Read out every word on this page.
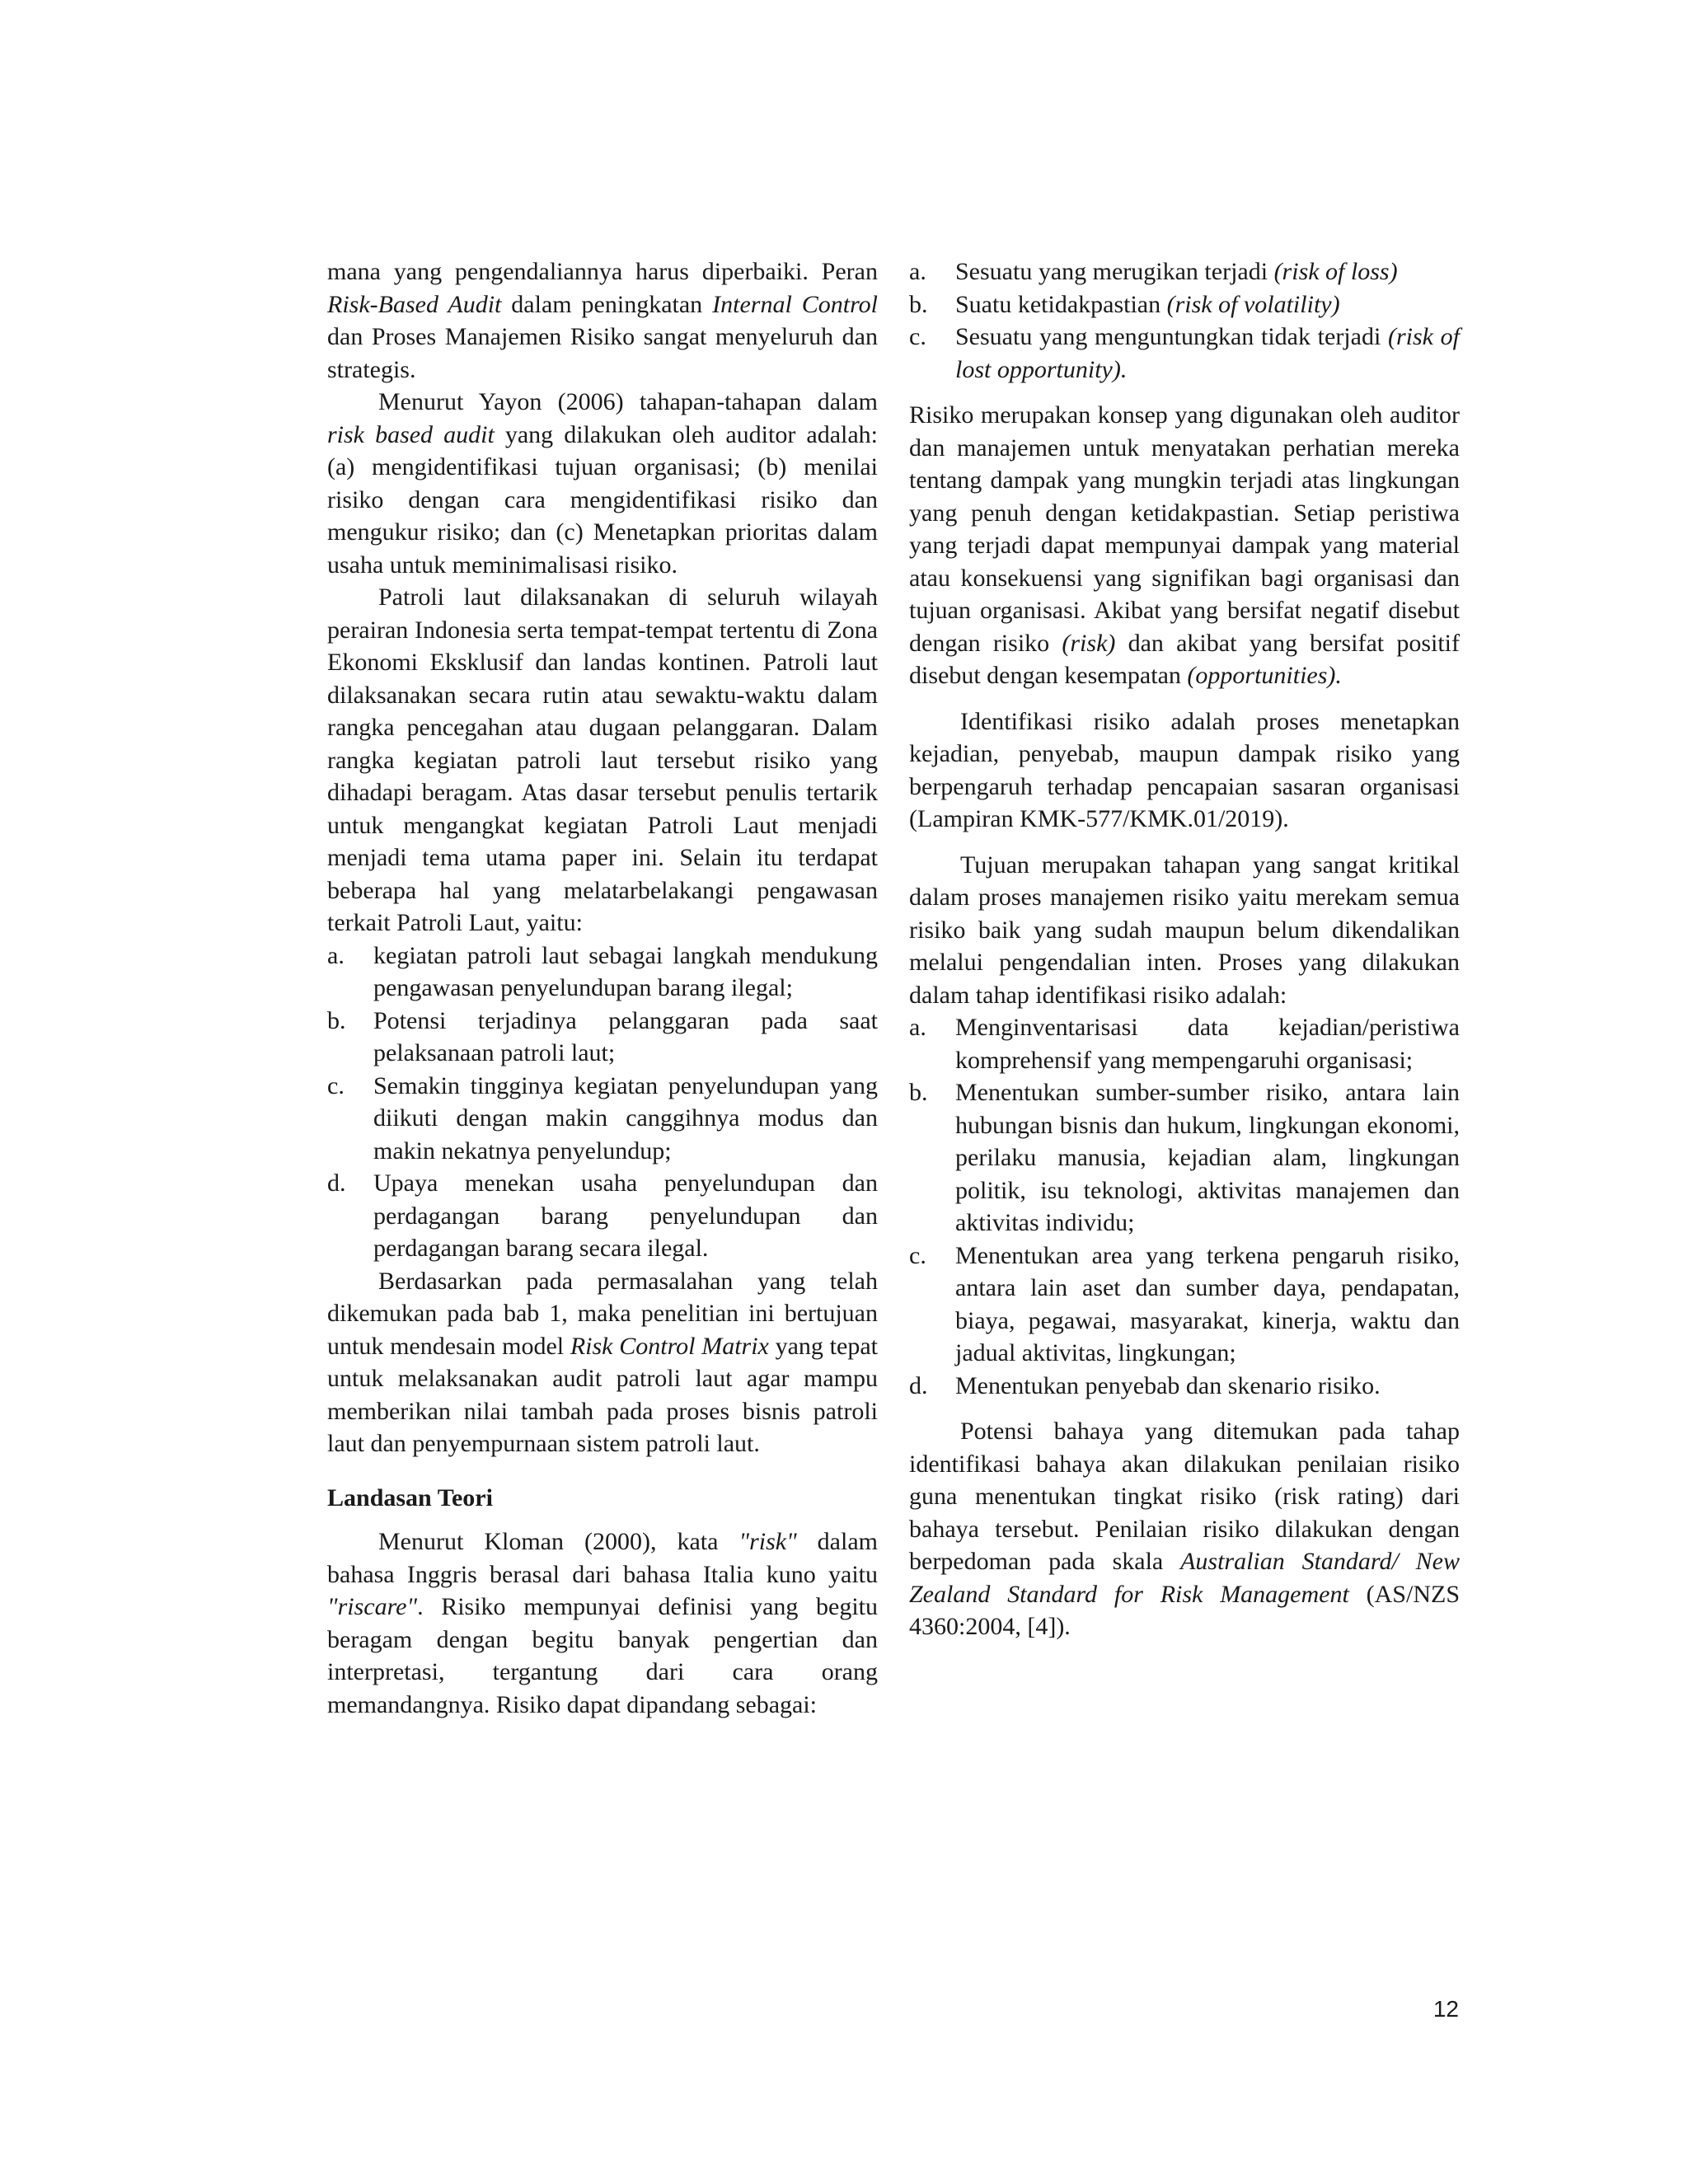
mana yang pengendaliannya harus diperbaiki. Peran Risk-Based Audit dalam peningkatan Internal Control dan Proses Manajemen Risiko sangat menyeluruh dan strategis.

Menurut Yayon (2006) tahapan-tahapan dalam risk based audit yang dilakukan oleh auditor adalah: (a) mengidentifikasi tujuan organisasi; (b) menilai risiko dengan cara mengidentifikasi risiko dan mengukur risiko; dan (c) Menetapkan prioritas dalam usaha untuk meminimalisasi risiko.

Patroli laut dilaksanakan di seluruh wilayah perairan Indonesia serta tempat-tempat tertentu di Zona Ekonomi Eksklusif dan landas kontinen. Patroli laut dilaksanakan secara rutin atau sewaktu-waktu dalam rangka pencegahan atau dugaan pelanggaran. Dalam rangka kegiatan patroli laut tersebut risiko yang dihadapi beragam. Atas dasar tersebut penulis tertarik untuk mengangkat kegiatan Patroli Laut menjadi menjadi tema utama paper ini. Selain itu terdapat beberapa hal yang melatarbelakangi pengawasan terkait Patroli Laut, yaitu:

a.	kegiatan patroli laut sebagai langkah mendukung pengawasan penyelundupan barang ilegal;
b.	Potensi terjadinya pelanggaran pada saat pelaksanaan patroli laut;
c.	Semakin tingginya kegiatan penyelundupan yang diikuti dengan makin canggihnya modus dan makin nekatnya penyelundup;
d.	Upaya menekan usaha penyelundupan dan perdagangan barang penyelundupan dan perdagangan barang secara ilegal.

Berdasarkan pada permasalahan yang telah dikemukan pada bab 1, maka penelitian ini bertujuan untuk mendesain model Risk Control Matrix yang tepat untuk melaksanakan audit patroli laut agar mampu memberikan nilai tambah pada proses bisnis patroli laut dan penyempurnaan sistem patroli laut.

Landasan Teori

Menurut Kloman (2000), kata "risk" dalam bahasa Inggris berasal dari bahasa Italia kuno yaitu "riscare". Risiko mempunyai definisi yang begitu beragam dengan begitu banyak pengertian dan interpretasi, tergantung dari cara orang memandangnya. Risiko dapat dipandang sebagai:

a.	Sesuatu yang merugikan terjadi (risk of loss)
b.	Suatu ketidakpastian (risk of volatility)
c.	Sesuatu yang menguntungkan tidak terjadi (risk of lost opportunity).

Risiko merupakan konsep yang digunakan oleh auditor dan manajemen untuk menyatakan perhatian mereka tentang dampak yang mungkin terjadi atas lingkungan yang penuh dengan ketidakpastian. Setiap peristiwa yang terjadi dapat mempunyai dampak yang material atau konsekuensi yang signifikan bagi organisasi dan tujuan organisasi. Akibat yang bersifat negatif disebut dengan risiko (risk) dan akibat yang bersifat positif disebut dengan kesempatan (opportunities).

Identifikasi risiko adalah proses menetapkan kejadian, penyebab, maupun dampak risiko yang berpengaruh terhadap pencapaian sasaran organisasi (Lampiran KMK-577/KMK.01/2019).

Tujuan merupakan tahapan yang sangat kritikal dalam proses manajemen risiko yaitu merekam semua risiko baik yang sudah maupun belum dikendalikan melalui pengendalian inten. Proses yang dilakukan dalam tahap identifikasi risiko adalah:

a.	Menginventarisasi data kejadian/peristiwa komprehensif yang mempengaruhi organisasi;
b.	Menentukan sumber-sumber risiko, antara lain hubungan bisnis dan hukum, lingkungan ekonomi, perilaku manusia, kejadian alam, lingkungan politik, isu teknologi, aktivitas manajemen dan aktivitas individu;
c.	Menentukan area yang terkena pengaruh risiko, antara lain aset dan sumber daya, pendapatan, biaya, pegawai, masyarakat, kinerja, waktu dan jadual aktivitas, lingkungan;
d.	Menentukan penyebab dan skenario risiko.

Potensi bahaya yang ditemukan pada tahap identifikasi bahaya akan dilakukan penilaian risiko guna menentukan tingkat risiko (risk rating) dari bahaya tersebut. Penilaian risiko dilakukan dengan berpedoman pada skala Australian Standard/ New Zealand Standard for Risk Management (AS/NZS 4360:2004, [4]).

12
